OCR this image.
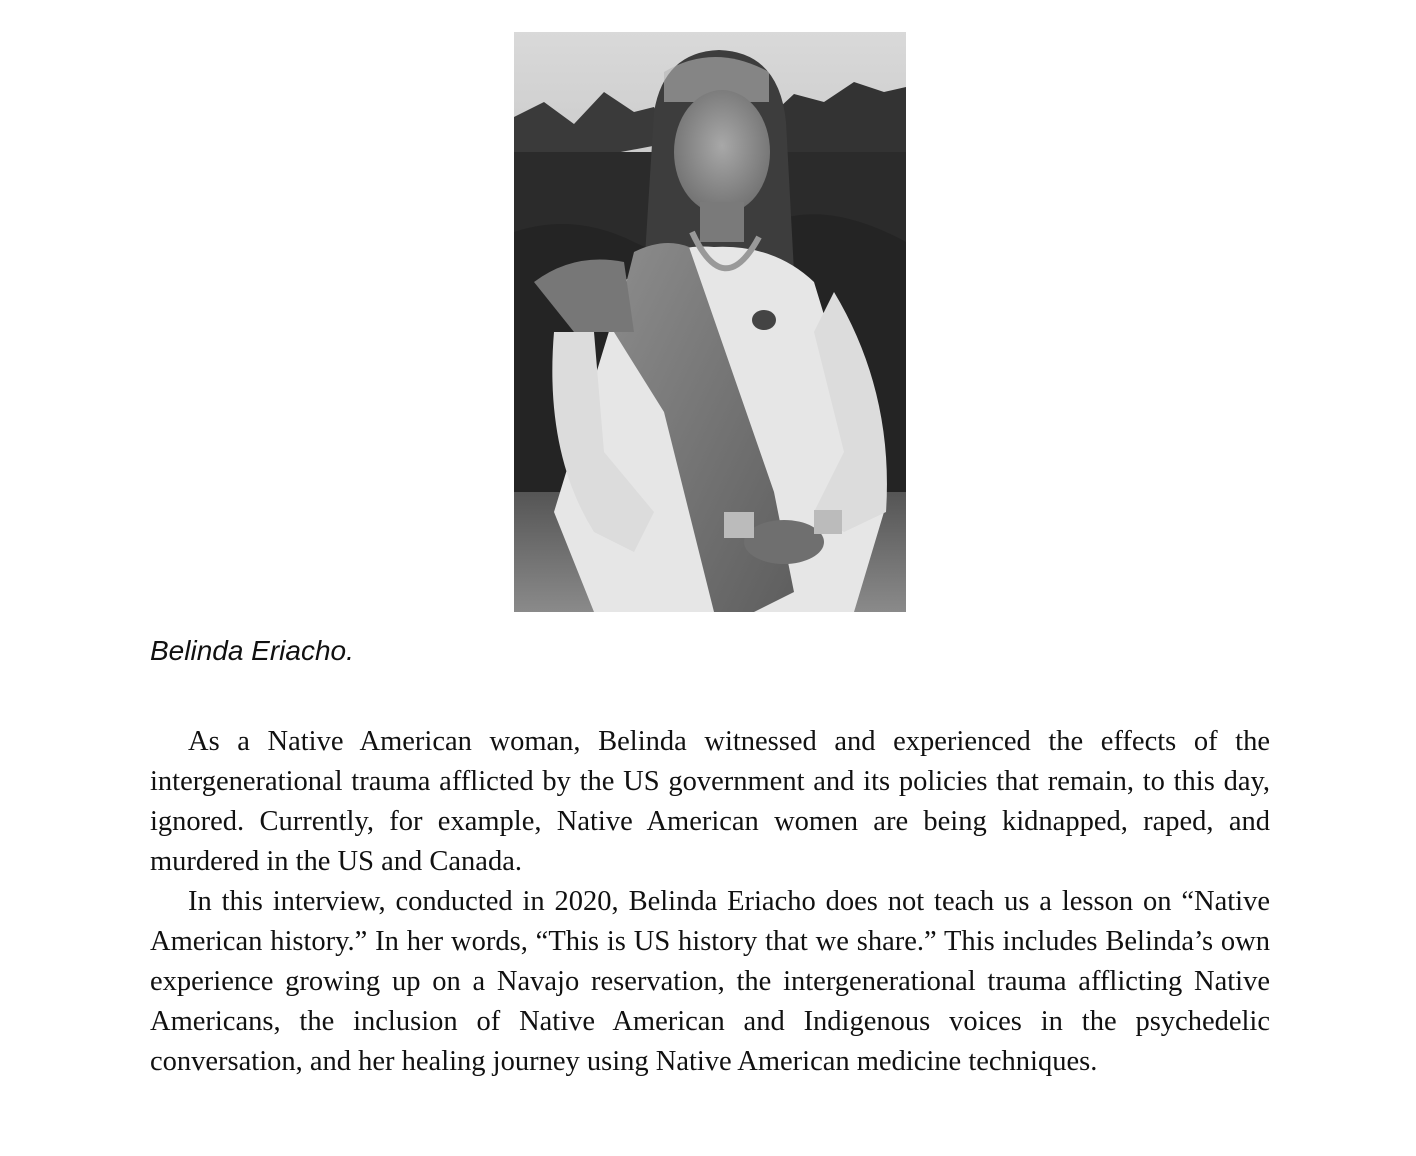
Belinda Eriacho.

As a Native American woman, Belinda witnessed and experienced the effects of the intergenerational trauma afflicted by the US government and its policies that remain, to this day, ignored. Currently, for example, Native American women are being kidnapped, raped, and murdered in the US and Canada.

In this interview, conducted in 2020, Belinda Eriacho does not teach us a lesson on “Native American history.” In her words, “This is US history that we share.” This includes Belinda’s own experience growing up on a Navajo reservation, the intergenerational trauma afflicting Native Americans, the inclusion of Native American and Indigenous voices in the psychedelic conversation, and her healing journey using Native American medicine techniques.
